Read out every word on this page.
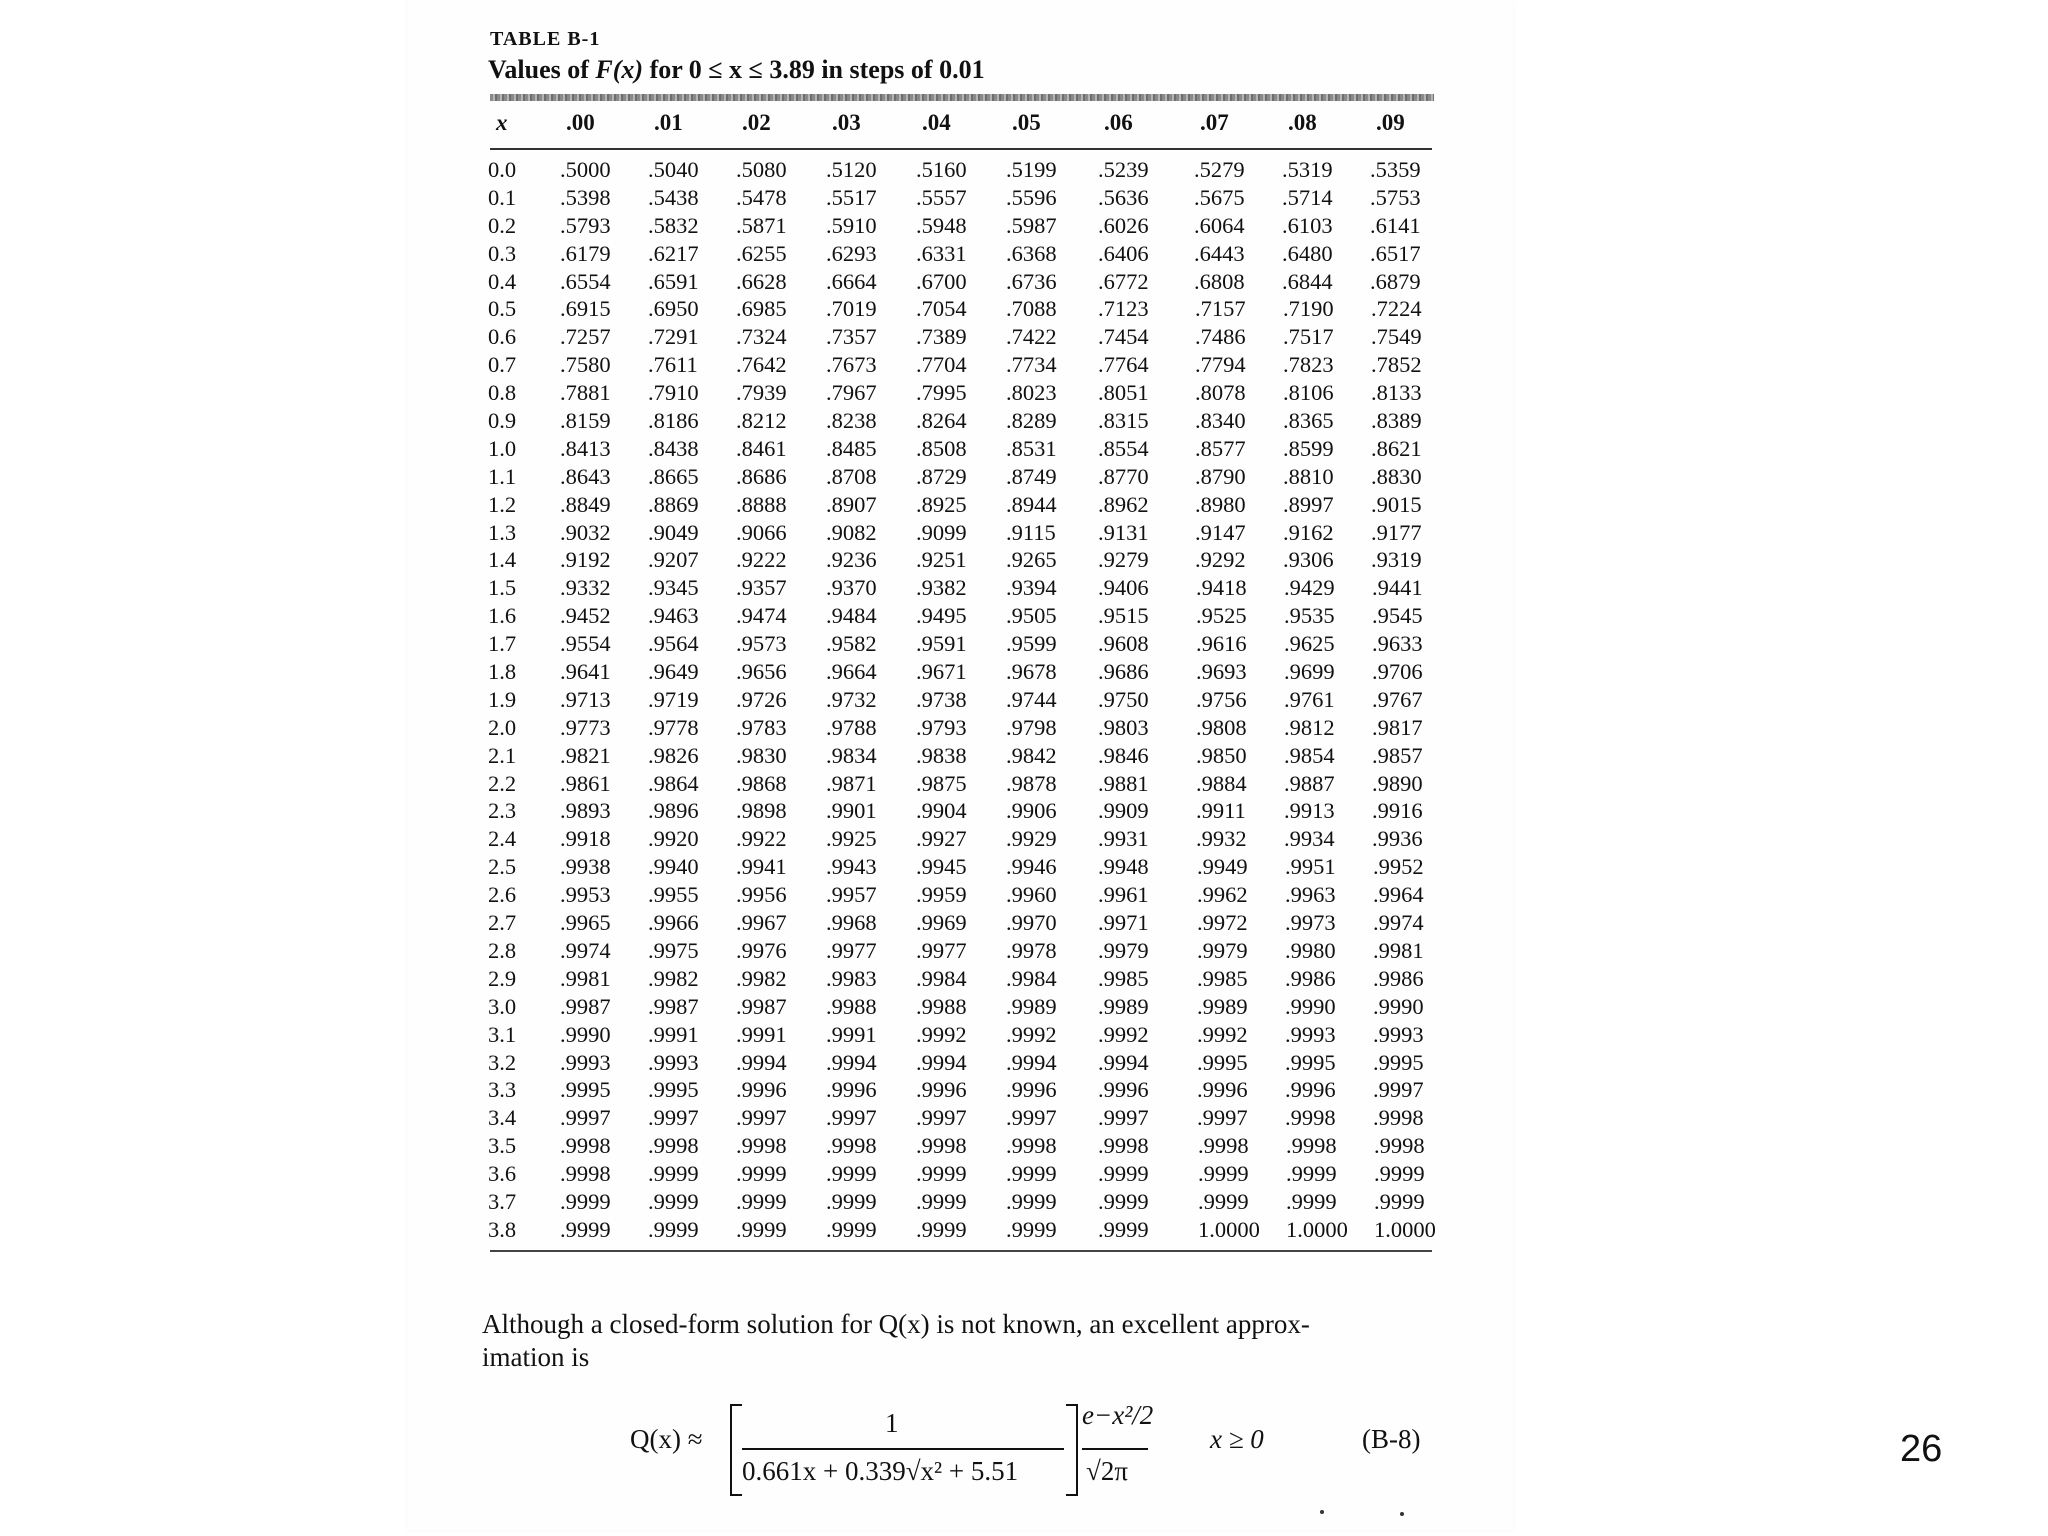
TABLE B-1
Values of F(x) for 0 ≤ x ≤ 3.89 in steps of 0.01
x	.00	.01	.02	.03	.04	.05	.06	.07	.08	.09
0.0 .5000 .5040 .5080 .5120 .5160 .5199 .5239 .5279 .5319 .5359
0.1 .5398 .5438 .5478 .5517 .5557 .5596 .5636 .5675 .5714 .5753
0.2 .5793 .5832 .5871 .5910 .5948 .5987 .6026 .6064 .6103 .6141
0.3 .6179 .6217 .6255 .6293 .6331 .6368 .6406 .6443 .6480 .6517
0.4 .6554 .6591 .6628 .6664 .6700 .6736 .6772 .6808 .6844 .6879
0.5 .6915 .6950 .6985 .7019 .7054 .7088 .7123 .7157 .7190 .7224
0.6 .7257 .7291 .7324 .7357 .7389 .7422 .7454 .7486 .7517 .7549
0.7 .7580 .7611 .7642 .7673 .7704 .7734 .7764 .7794 .7823 .7852
0.8 .7881 .7910 .7939 .7967 .7995 .8023 .8051 .8078 .8106 .8133
0.9 .8159 .8186 .8212 .8238 .8264 .8289 .8315 .8340 .8365 .8389
1.0 .8413 .8438 .8461 .8485 .8508 .8531 .8554 .8577 .8599 .8621
1.1 .8643 .8665 .8686 .8708 .8729 .8749 .8770 .8790 .8810 .8830
1.2 .8849 .8869 .8888 .8907 .8925 .8944 .8962 .8980 .8997 .9015
1.3 .9032 .9049 .9066 .9082 .9099 .9115 .9131 .9147 .9162 .9177
1.4 .9192 .9207 .9222 .9236 .9251 .9265 .9279 .9292 .9306 .9319
1.5 .9332 .9345 .9357 .9370 .9382 .9394 .9406 .9418 .9429 .9441
1.6 .9452 .9463 .9474 .9484 .9495 .9505 .9515 .9525 .9535 .9545
1.7 .9554 .9564 .9573 .9582 .9591 .9599 .9608 .9616 .9625 .9633
1.8 .9641 .9649 .9656 .9664 .9671 .9678 .9686 .9693 .9699 .9706
1.9 .9713 .9719 .9726 .9732 .9738 .9744 .9750 .9756 .9761 .9767
2.0 .9773 .9778 .9783 .9788 .9793 .9798 .9803 .9808 .9812 .9817
2.1 .9821 .9826 .9830 .9834 .9838 .9842 .9846 .9850 .9854 .9857
2.2 .9861 .9864 .9868 .9871 .9875 .9878 .9881 .9884 .9887 .9890
2.3 .9893 .9896 .9898 .9901 .9904 .9906 .9909 .9911 .9913 .9916
2.4 .9918 .9920 .9922 .9925 .9927 .9929 .9931 .9932 .9934 .9936
2.5 .9938 .9940 .9941 .9943 .9945 .9946 .9948 .9949 .9951 .9952
2.6 .9953 .9955 .9956 .9957 .9959 .9960 .9961 .9962 .9963 .9964
2.7 .9965 .9966 .9967 .9968 .9969 .9970 .9971 .9972 .9973 .9974
2.8 .9974 .9975 .9976 .9977 .9977 .9978 .9979 .9979 .9980 .9981
2.9 .9981 .9982 .9982 .9983 .9984 .9984 .9985 .9985 .9986 .9986
3.0 .9987 .9987 .9987 .9988 .9988 .9989 .9989 .9989 .9990 .9990
3.1 .9990 .9991 .9991 .9991 .9992 .9992 .9992 .9992 .9993 .9993
3.2 .9993 .9993 .9994 .9994 .9994 .9994 .9994 .9995 .9995 .9995
3.3 .9995 .9995 .9996 .9996 .9996 .9996 .9996 .9996 .9996 .9997
3.4 .9997 .9997 .9997 .9997 .9997 .9997 .9997 .9997 .9998 .9998
3.5 .9998 .9998 .9998 .9998 .9998 .9998 .9998 .9998 .9998 .9998
3.6 .9998 .9999 .9999 .9999 .9999 .9999 .9999 .9999 .9999 .9999
3.7 .9999 .9999 .9999 .9999 .9999 .9999 .9999 .9999 .9999 .9999
3.8 .9999 .9999 .9999 .9999 .9999 .9999 .9999 1.0000 1.0000 1.0000
Although a closed-form solution for Q(x) is not known, an excellent approx-
imation is
Q(x) ≈
1
0.661x + 0.339√x² + 5.51
e−x²/2
√2π
x ≥ 0	(B-8)	26
